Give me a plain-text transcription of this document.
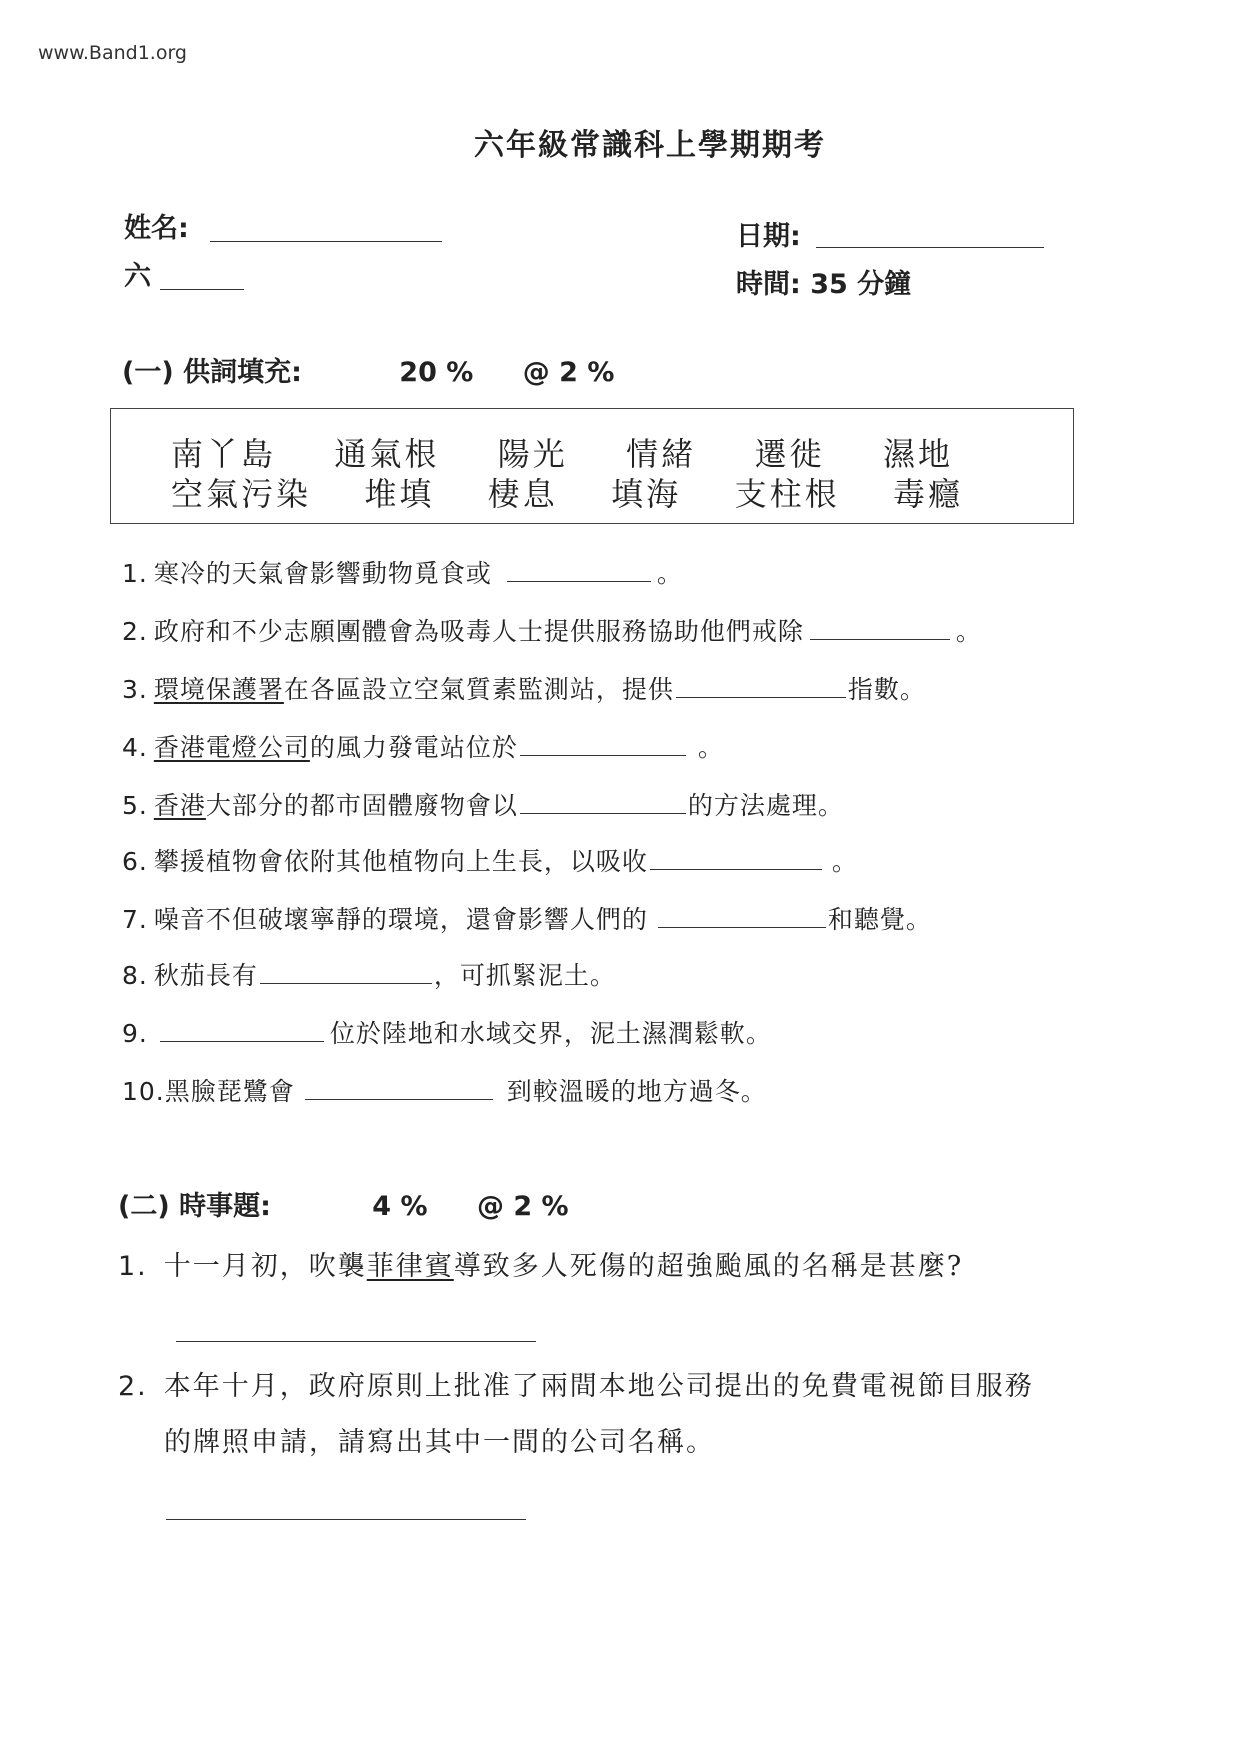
www.Band1.org
六年級常識科上學期期考
姓名:
六
日期:
時間: 35 分鐘
(一) 供詞填充:	20 % @ 2 %
南丫島 通氣根 陽光 情緒 遷徙 濕地
空氣污染 堆填 棲息 填海 支柱根 毒癮
1. 寒冷的天氣會影響動物覓食或	。
2. 政府和不少志願團體會為吸毒人士提供服務協助他們戒除	。
3. 環境保護署在各區設立空氣質素監測站，提供	指數。
4. 香港電燈公司的風力發電站位於	。
5. 香港大部分的都市固體廢物會以	的方法處理。
6. 攀援植物會依附其他植物向上生長，以吸收	。
7. 噪音不但破壞寧靜的環境，還會影響人們的	和聽覺。
8. 秋茄長有	，可抓緊泥土。
9.	位於陸地和水域交界，泥土濕潤鬆軟。
10.黑臉琵鷺會	到較溫暖的地方過冬。
(二) 時事題:	4 % @ 2 %
1. 十一月初，吹襲菲律賓導致多人死傷的超強颱風的名稱是甚麼?
2. 本年十月，政府原則上批准了兩間本地公司提出的免費電視節目服務
的牌照申請，請寫出其中一間的公司名稱。
